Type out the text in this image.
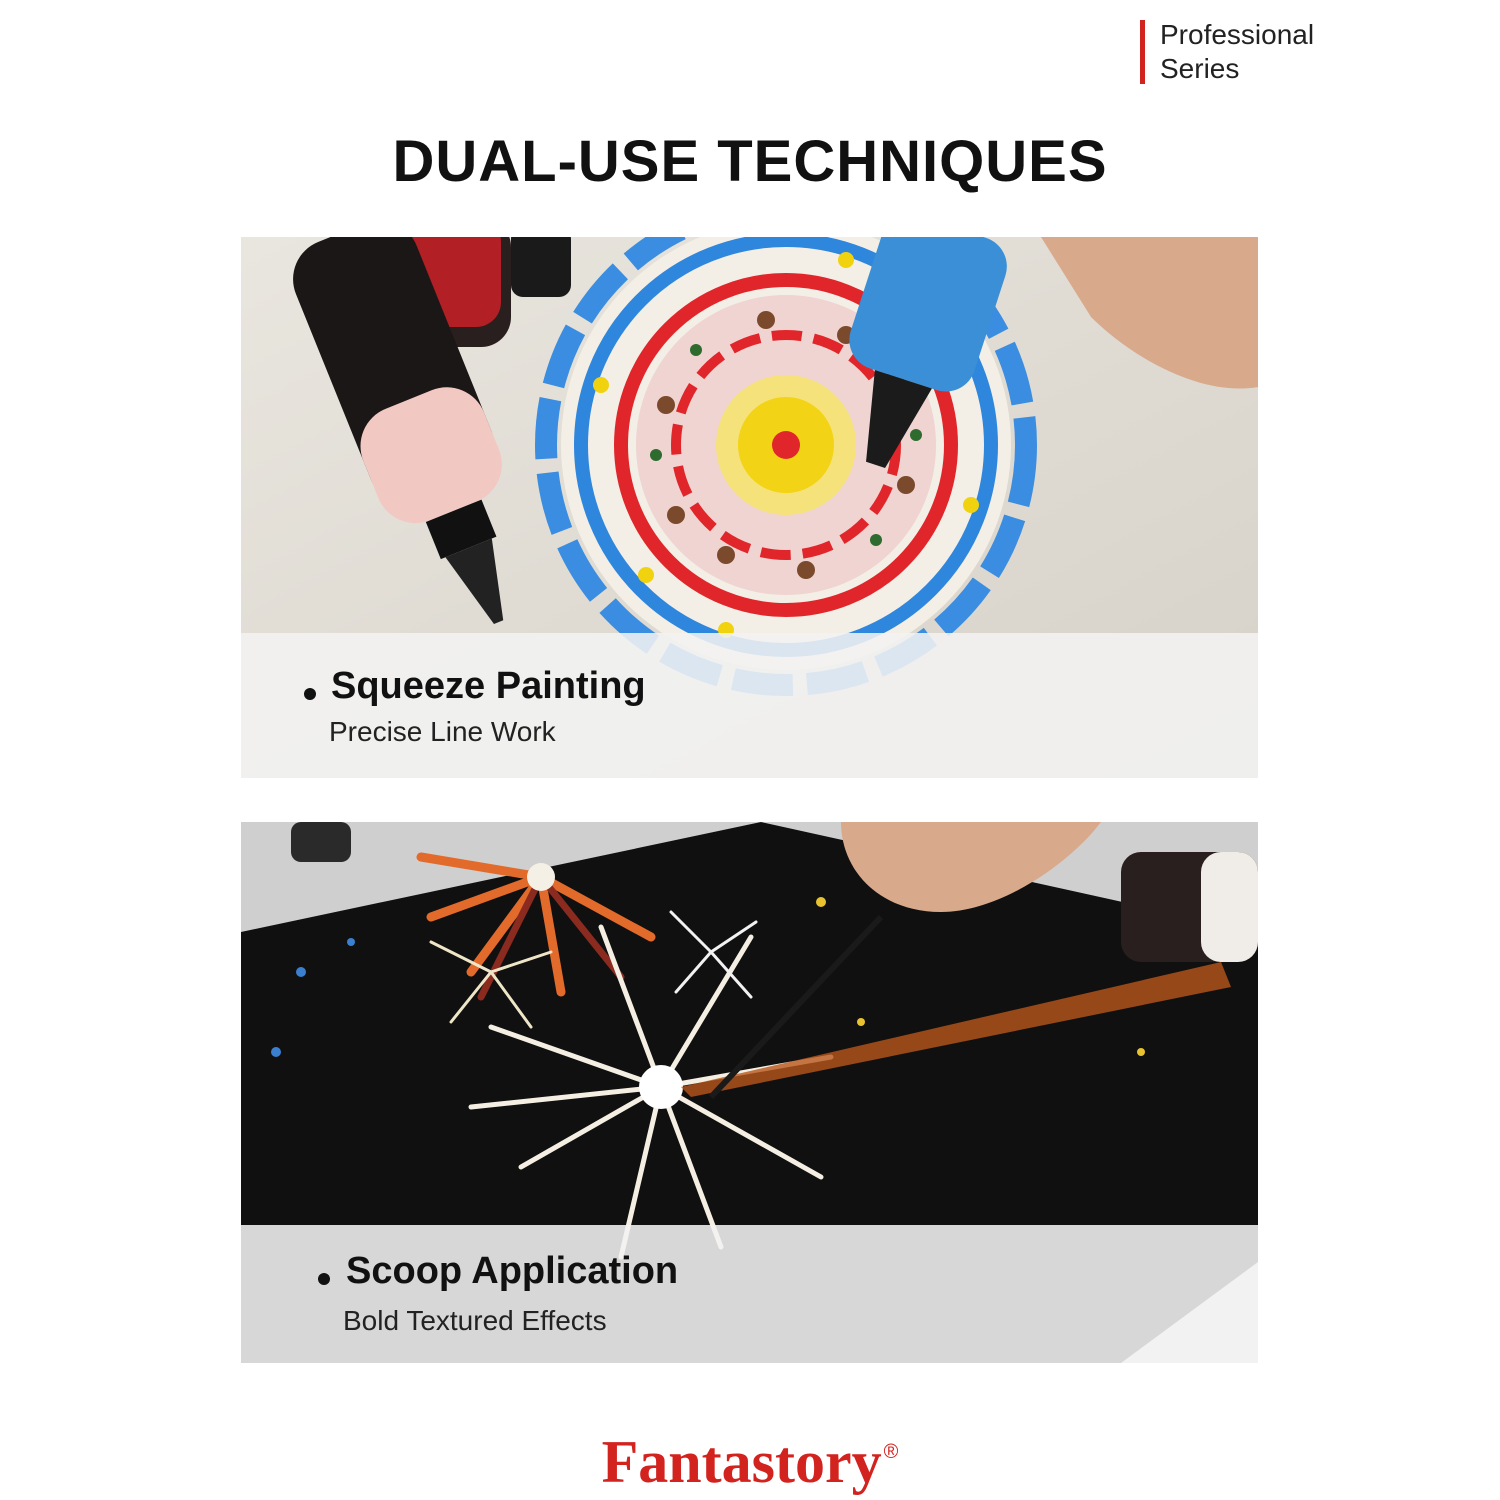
Professional
Series
DUAL-USE TECHNIQUES
Squeeze Painting
Precise Line Work
Scoop Application
Bold Textured Effects
Fantastory ®
